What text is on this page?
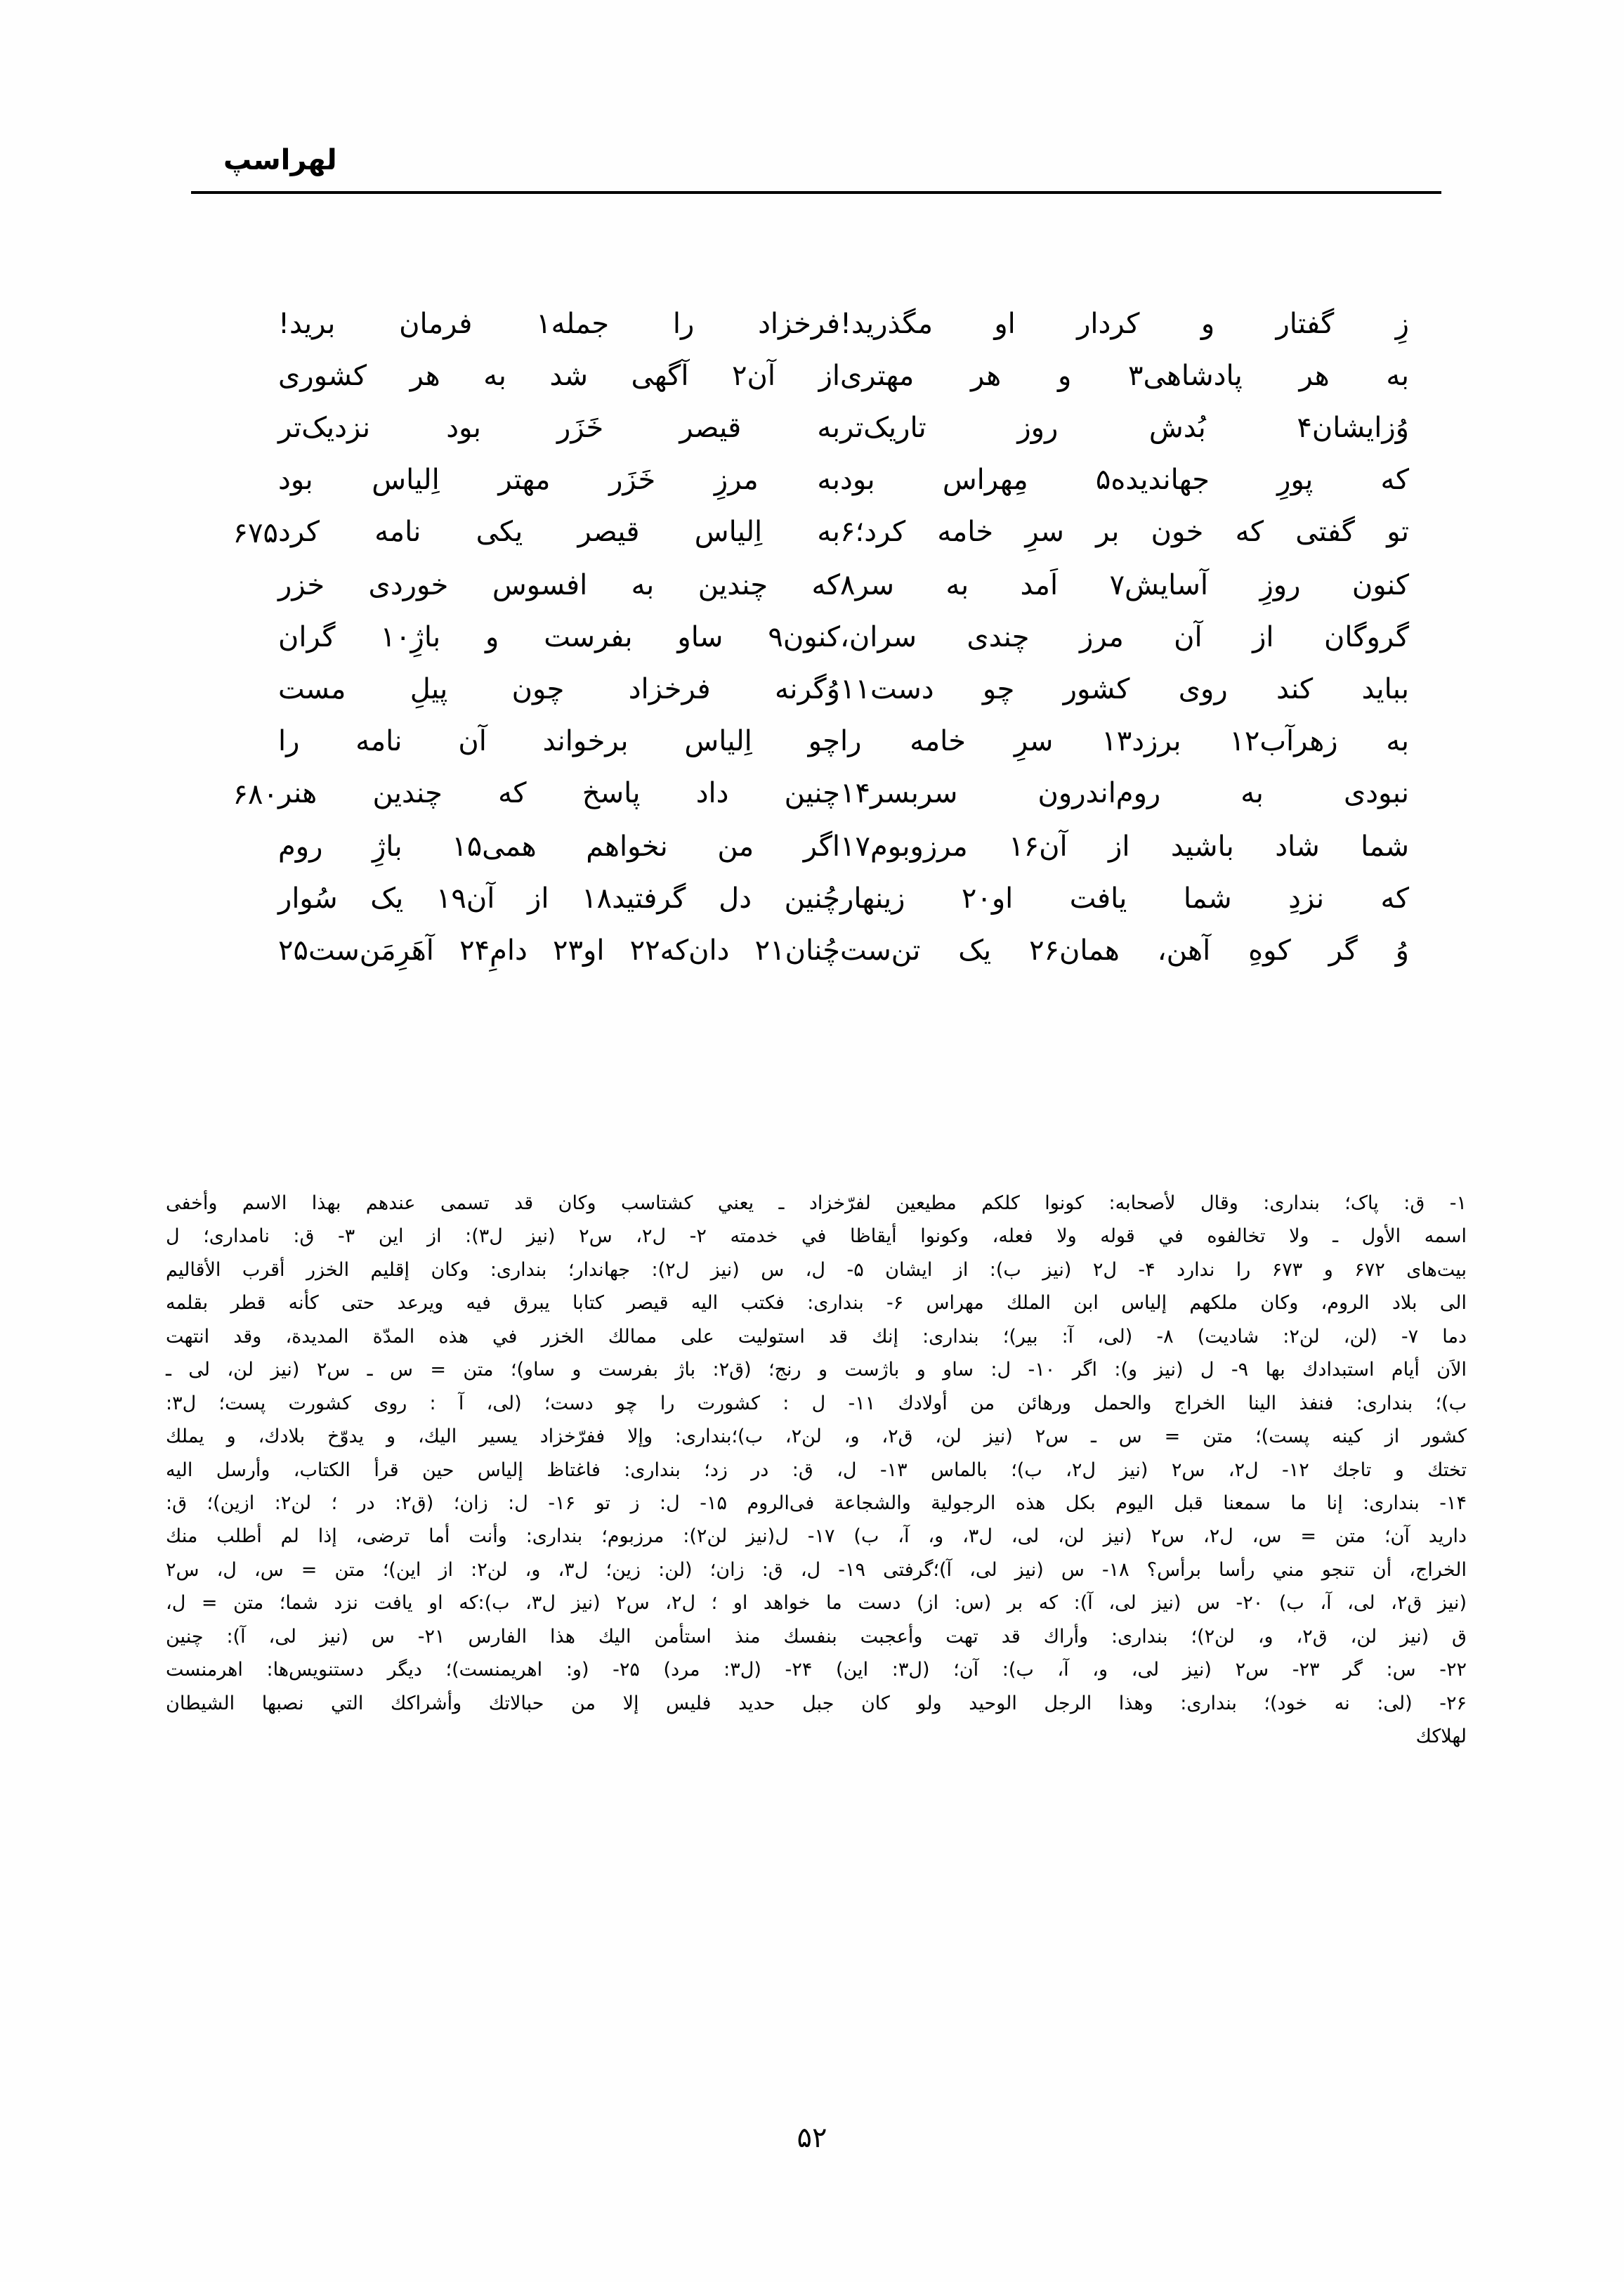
لهراسپ
زِ گفتار و کردار او مگذرید!
فرخزاد را جمله١ فرمان برید!
به هر پادشاهی٣ و هر مهتری
از آن٢ آگهی شد به هر کشوری
وُزایشان۴ بُدش روز تاریک‌تر
به قیصر خَزَر بود نزدیک‌تر
که پورِ جهاندیده۵ مِهراس بود
به مرزِ خَزَر مهتر اِلیاس بود
تو گفتی که خون بر سرِ خامه کرد؛۶
به اِلیاس قیصر یکی نامه کرد
۶۷۵
کنون روزِ آسایش٧ اَمد به سر٨
که چندین به افسوس خوردی خزر
گروگان از آن مرز چندی سران،
کنون٩ ساو بفرست و باژِ١٠ گران
بباید کند روی کشور چو دست١١
وُگرنه فرخزاد چون پیلِ مست
به زهرآب١٢ برزد١٣ سرِ خامه را
چو اِلیاس برخواند آن نامه را
نبودی به روم‌اندرون سربسر١۴
چنین داد پاسخ که چندین هنر
۶۸۰
شما شاد باشید از آن١۶ مرزوبوم١٧
اگر من نخواهم همی١۵ باژِ روم
که نزدِ شما یافت او٢٠ زینهار
چُنین دل گرفتید١٨ از آن١٩ یک سُوار
وُ گر کوهِ آهن، همان٢۶ یک تن‌ست
چُنان٢١ دان‌که٢٢ او٢٣ دامِ٢۴ آهَرِمَن‌ست٢۵

١- ق: پاک؛ بنداری: وقال لأصحابه: كونوا كلكم مطيعين لفرّخزاد ـ يعني كشتاسب وكان قد تسمى عندهم بهذا الاسم وأخفى

اسمه الأول ـ ولا تخالفوه في قوله ولا فعله، وكونوا أيقاظا في خدمته ٢- ل٢، س٢ (نيز ل٣): از اين ٣- ق: نامداری؛ ل

بیت‌های ۶٧٢ و ۶٧٣ را ندارد ۴- ل٢ (نيز ب): از ايشان ۵- ل، س (نيز ل٢): جهاندار؛ بنداری: وكان إقليم الخزر أقرب الأقاليم

الى بلاد الروم، وكان ملكهم إلياس ابن الملك مهراس ۶- بنداری: فكتب اليه قيصر كتابا يبرق فيه ويرعد حتى كأنه قطر بقلمه

دما ٧- (لن، لن٢: شاديت) ٨- (لى، آ: بير)؛ بنداری: إنك قد استوليت على ممالك الخزر في هذه المدّة المديدة، وقد انتهت

الاَن أيام استبدادك بها ٩- ل (نيز و): اگر ١٠- ل: ساو و باژست و رنج؛ (ق٢: باژ بفرست و ساو)؛ متن = س ـ س٢ (نيز لن، لى ـ

ب)؛ بنداری: فنفذ الينا الخراج والحمل ورهائن من أولادك ١١- ل : كشورت را چو دست؛ (لى، آ : روی کشورت پست؛ ل٣:

کشور از کینه پست)؛ متن = س ـ س٢ (نيز لن، ق٢، و، لن٢، ب)؛بنداری: وإلا ففرّخزاد يسير اليك، و يدوّخ بلادك، و يملك

تختك و تاجك ١٢- ل٢، س٢ (نيز ل٢، ب)؛ بالماس ١٣- ل، ق: در زد؛ بنداری: فاغتاظ إلياس حين قرأ الكتاب، وأرسل اليه

١۴- بنداری: إنا ما سمعنا قبل اليوم بكل هذه الرجولية والشجاعة فى‌الروم ١۵- ل: ز تو ١۶- ل: زان؛ (ق٢: در ؛ لن٢: ازين)؛ ق:

داريد آن؛ متن = س، ل٢، س٢ (نيز لن، لى، ل٣، و، آ، ب) ١٧- ل(نيز لن٢): مرزبوم؛ بنداری: وأنت أما ترضى، إذا لم أطلب منك

الخراج، أن تنجو مني رأسا برأس؟ ١٨- س (نيز لى، آ)؛گرفتى ١٩- ل، ق: زان؛ (لن: زين؛ ل٣، و، لن٢: از اين)؛ متن = س، ل، س٢

(نيز ق٢، لى، آ، ب) ٢٠- س (نيز لى، آ): كه بر (س: از) دست ما خواهد او ؛ ل٢، س٢ (نيز ل٣، ب):كه او يافت نزد شما؛ متن = ل،

ق (نيز لن، ق٢، و، لن٢)؛ بنداری: وأراك قد تهت وأعجبت بنفسك منذ استأمن اليك هذا الفارس ٢١- س (نيز لى، آ): چنين

٢٢- س: گر ٢٣- س٢ (نيز لى، و، آ، ب): آن؛ (ل٣: این) ٢۴- (ل٣: مرد) ٢۵- (و: اهريمنست)؛ ديگر دستنويس‌ها: اهرمنست

٢۶- (لى: نه خود)؛ بنداری: وهذا الرجل الوحيد ولو كان جبل حديد فليس إلا من حبالاتك وأشراكك التي نصبها الشيطان

لهلاكك

۵۲
